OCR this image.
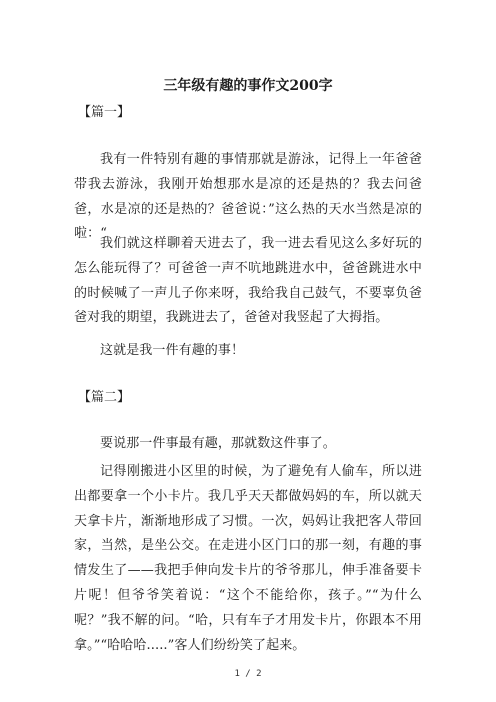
三年级有趣的事作文200字
【篇一】

我有一件特别有趣的事情那就是游泳，记得上一年爸爸带我去游泳，我刚开始想那水是凉的还是热的？我去问爸爸，水是凉的还是热的？爸爸说：”这么热的天水当然是凉的啦：“

我们就这样聊着天进去了，我一进去看见这么多好玩的怎么能玩得了？可爸爸一声不吭地跳进水中，爸爸跳进水中的时候喊了一声儿子你来呀，我给我自己鼓气，不要辜负爸爸对我的期望，我跳进去了，爸爸对我竖起了大拇指。

这就是我一件有趣的事！

【篇二】

要说那一件事最有趣，那就数这件事了。

记得刚搬进小区里的时候，为了避免有人偷车，所以进出都要拿一个小卡片。我几乎天天都做妈妈的车，所以就天天拿卡片，渐渐地形成了习惯。一次，妈妈让我把客人带回家，当然，是坐公交。在走进小区门口的那一刻，有趣的事情发生了——我把手伸向发卡片的爷爷那儿，伸手准备要卡片呢！但爷爷笑着说：“这个不能给你，孩子。”“为什么呢？”我不解的问。“哈，只有车子才用发卡片，你跟本不用拿。”“哈哈哈.....”客人们纷纷笑了起来。

1 / 2
